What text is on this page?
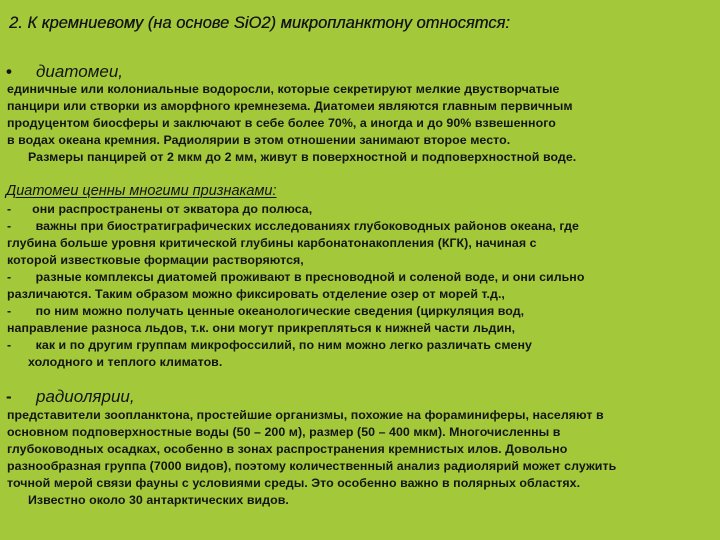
2. К кремниевому (на основе SiO2) микропланктону относятся:
• диатомеи,
единичные или колониальные водоросли, которые секретируют мелкие двустворчатые
панцири или створки из аморфного кремнезема. Диатомеи являются главным первичным
продуцентом биосферы и заключают в себе более 70%, а иногда и до 90% взвешенного
в водах океана кремния. Радиолярии в этом отношении занимают второе место.
Размеры панцирей от 2 мкм до 2 мм, живут в поверхностной и подповерхностной воде.
Диатомеи ценны многими признаками:
-      они распространены от экватора до полюса,
-       важны при биостратиграфических исследованиях глубоководных районов океана, где
глубина больше уровня критической глубины карбонатонакопления (КГК), начиная с
которой известковые формации растворяются,
-       разные комплексы диатомей проживают в пресноводной и соленой воде, и они сильно
различаются. Таким образом можно фиксировать отделение озер от морей т.д.,
-       по ним можно получать ценные океанологические сведения (циркуляция вод,
направление разноса льдов, т.к. они могут прикрепляться к нижней части льдин,
-       как и по другим группам микрофоссилий, по ним можно легко различать смену
холодного и теплого климатов.
- радиолярии,
представители зоопланктона, простейшие организмы, похожие на фораминиферы, населяют в
основном подповерхностные воды (50 – 200 м), размер (50 – 400 мкм). Многочисленны в
глубоководных осадках, особенно в зонах распространения кремнистых илов. Довольно
разнообразная группа (7000 видов), поэтому количественный анализ радиолярий может служить
точной мерой связи фауны с условиями среды. Это особенно важно в полярных областях.
Известно около 30 антарктических видов.
